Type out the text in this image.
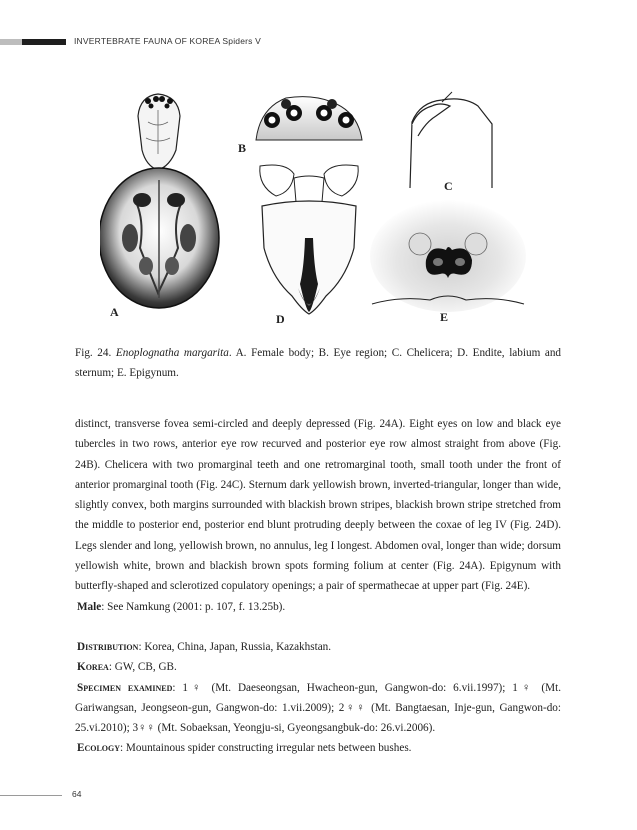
INVERTEBRATE FAUNA OF KOREA Spiders V
A
B
C
D	E
Fig. 24. Enoplognatha margarita. A. Female body; B. Eye region; C. Chelicera; D. Endite, labium and sternum; E. Epigynum.

distinct, transverse fovea semi-circled and deeply depressed (Fig. 24A). Eight eyes on low and black eye tubercles in two rows, anterior eye row recurved and posterior eye row almost straight from above (Fig. 24B). Chelicera with two promarginal teeth and one retromarginal tooth, small tooth under the front of anterior promarginal tooth (Fig. 24C). Sternum dark yellowish brown, inverted-triangular, longer than wide, slightly convex, both margins surrounded with blackish brown stripes, blackish brown stripe stretched from the middle to posterior end, posterior end blunt protruding deeply between the coxae of leg IV (Fig. 24D). Legs slender and long, yellowish brown, no annulus, leg I longest. Abdomen oval, longer than wide; dorsum yellowish white, brown and blackish brown spots forming folium at center (Fig. 24A). Epigynum with butterfly-shaped and sclerotized copulatory openings; a pair of spermathecae at upper part (Fig. 24E).

Male: See Namkung (2001: p. 107, f. 13.25b).

Distribution: Korea, China, Japan, Russia, Kazakhstan.

Korea: GW, CB, GB.

Specimen examined: 1♀ (Mt. Daeseongsan, Hwacheon-gun, Gangwon-do: 6.vii.1997); 1♀ (Mt. Gariwangsan, Jeongseon-gun, Gangwon-do: 1.vii.2009); 2♀♀ (Mt. Bangtaesan, Inje-gun, Gangwon-do: 25.vi.2010); 3♀♀ (Mt. Sobaeksan, Yeongju-si, Gyeongsangbuk-do: 26.vi.2006).

Ecology: Mountainous spider constructing irregular nets between bushes.

64
